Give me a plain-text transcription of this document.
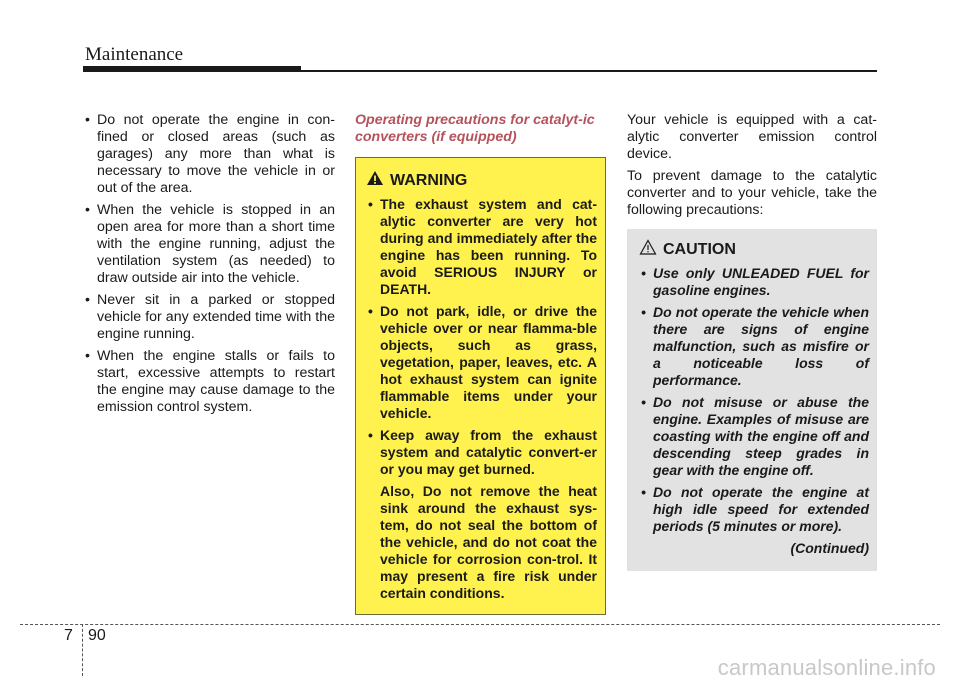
Maintenance
• Do not operate the engine in con-fined or closed areas (such as garages) any more than what is necessary to move the vehicle in or out of the area.
• When the vehicle is stopped in an open area for more than a short time with the engine running, adjust the ventilation system (as needed) to draw outside air into the vehicle.
• Never sit in a parked or stopped vehicle for any extended time with the engine running.
• When the engine stalls or fails to start, excessive attempts to restart the engine may cause damage to the emission control system.
Operating precautions for catalyt-ic converters (if equipped)
WARNING
• The exhaust system and cat-alytic converter are very hot during and immediately after the engine has been running. To avoid SERIOUS INJURY or DEATH.
• Do not park, idle, or drive the vehicle over or near flamma-ble objects, such as grass, vegetation, paper, leaves, etc. A hot exhaust system can ignite flammable items under your vehicle.
• Keep away from the exhaust system and catalytic convert-er or you may get burned.
Also, Do not remove the heat sink around the exhaust sys-tem, do not seal the bottom of the vehicle, and do not coat the vehicle for corrosion con-trol. It may present a fire risk under certain conditions.

Your vehicle is equipped with a cat-alytic converter emission control device.

To prevent damage to the catalytic converter and to your vehicle, take the following precautions:

CAUTION
• Use only UNLEADED FUEL for gasoline engines.
• Do not operate the vehicle when there are signs of engine malfunction, such as misfire or a noticeable loss of performance.
• Do not misuse or abuse the engine. Examples of misuse are coasting with the engine off and descending steep grades in gear with the engine off.
• Do not operate the engine at high idle speed for extended periods (5 minutes or more).
(Continued)
7 90
carmanualsonline.info
